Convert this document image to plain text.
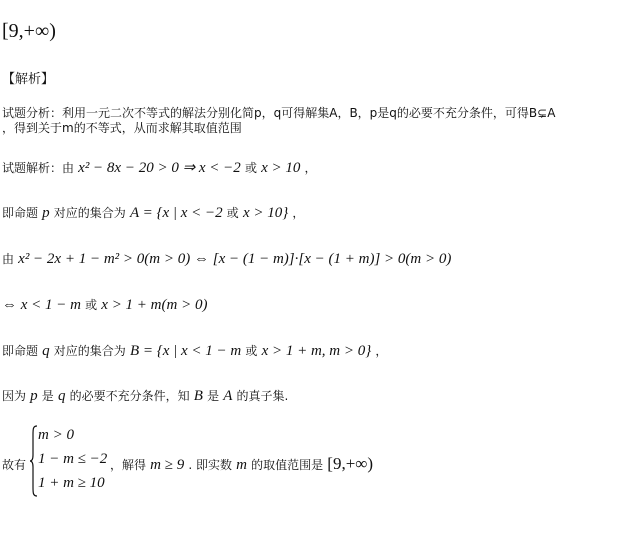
[9,+∞)
【解析】
试题分析：利用一元二次不等式的解法分别化简p，q可得解集A，B，p是q的必要不充分条件，可得B⊊A
，得到关于m的不等式，从而求解其取值范围
试题解析：由 x² − 8x − 20 > 0 ⇒ x < −2 或 x > 10 ，
即命题 p 对应的集合为 A = {x | x < −2 或 x > 10} ，
由 x² − 2x + 1 − m² > 0(m > 0) ⇔ [x − (1 − m)]·[x − (1 + m)] > 0(m > 0)
⇔ x < 1 − m 或 x > 1 + m(m > 0)
即命题 q 对应的集合为 B = {x | x < 1 − m 或 x > 1 + m, m > 0} ，
因为 p 是 q 的必要不充分条件，知 B 是 A 的真子集.
故有
m > 0
1 − m ≤ −2
1 + m ≥ 10
，解得 m ≥ 9 . 即实数 m 的取值范围是 [9,+∞)
